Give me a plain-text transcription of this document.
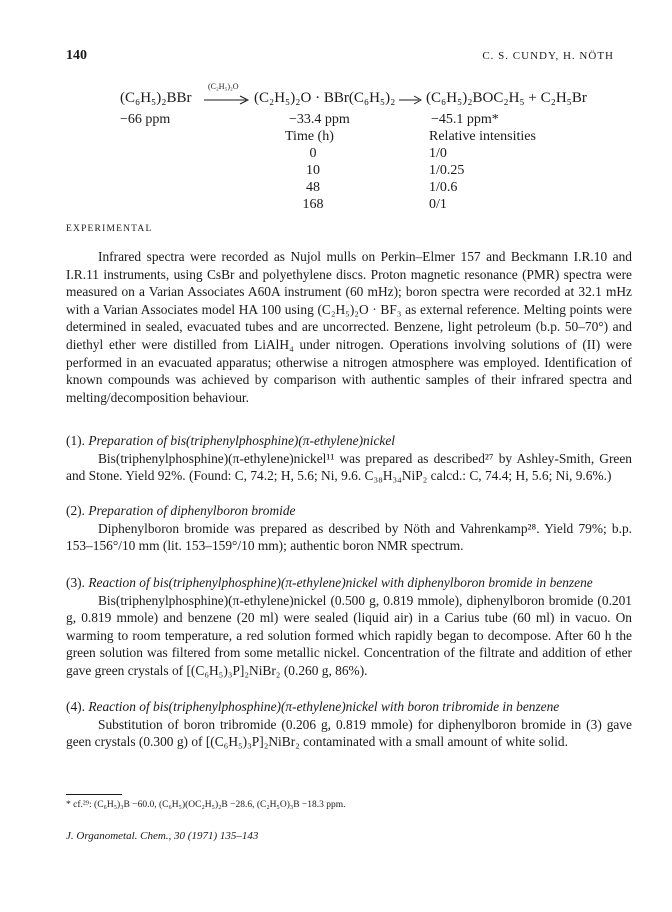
140	C. S. CUNDY, H. NÖTH
(C₆H₅)₂BBr
(C₂H₅)₂O
→ (C₂H₅)₂O · BBr(C₆H₅)₂ → (C₆H₅)₂BOC₂H₅ + C₂H₅Br
−66 ppm	−33.4 ppm	−45.1 ppm*
Time (h)	Relative intensities
0	1/0
10	1/0.25
48	1/0.6
168	0/1
EXPERIMENTAL

Infrared spectra were recorded as Nujol mulls on Perkin–Elmer 157 and Beckmann I.R.10 and I.R.11 instruments, using CsBr and polyethylene discs. Proton magnetic resonance (PMR) spectra were measured on a Varian Associates A60A instrument (60 mHz); boron spectra were recorded at 32.1 mHz with a Varian Associates model HA 100 using (C₂H₅)₂O · BF₃ as external reference. Melting points were determined in sealed, evacuated tubes and are uncorrected. Benzene, light petroleum (b.p. 50–70°) and diethyl ether were distilled from LiAlH₄ under nitrogen. Operations involving solutions of (II) were performed in an evacuated apparatus; otherwise a nitrogen atmosphere was employed. Identification of known compounds was achieved by comparison with authentic samples of their infrared spectra and melting/decomposition behaviour.

(1). Preparation of bis(triphenylphosphine)(π-ethylene)nickel

Bis(triphenylphosphine)(π-ethylene)nickel¹¹ was prepared as described²⁷ by Ashley-Smith, Green and Stone. Yield 92%. (Found: C, 74.2; H, 5.6; Ni, 9.6. C₃₈H₃₄NiP₂ calcd.: C, 74.4; H, 5.6; Ni, 9.6%.)

(2). Preparation of diphenylboron bromide

Diphenylboron bromide was prepared as described by Nöth and Vahrenkamp²⁸. Yield 79%; b.p. 153–156°/10 mm (lit. 153–159°/10 mm); authentic boron NMR spectrum.

(3). Reaction of bis(triphenylphosphine)(π-ethylene)nickel with diphenylboron bromide in benzene

Bis(triphenylphosphine)(π-ethylene)nickel (0.500 g, 0.819 mmole), diphenylboron bromide (0.201 g, 0.819 mmole) and benzene (20 ml) were sealed (liquid air) in a Carius tube (60 ml) in vacuo. On warming to room temperature, a red solution formed which rapidly began to decompose. After 60 h the green solution was filtered from some metallic nickel. Concentration of the filtrate and addition of ether gave green crystals of [(C₆H₅)₃P]₂NiBr₂ (0.260 g, 86%).

(4). Reaction of bis(triphenylphosphine)(π-ethylene)nickel with boron tribromide in benzene

Substitution of boron tribromide (0.206 g, 0.819 mmole) for diphenylboron bromide in (3) gave geen crystals (0.300 g) of [(C₆H₅)₃P]₂NiBr₂ contaminated with a small amount of white solid.

* cf.²⁹: (C₆H₅)₃B −60.0, (C₆H₅)(OC₂H₅)₂B −28.6, (C₂H₅O)₃B −18.3 ppm.
J. Organometal. Chem., 30 (1971) 135–143
